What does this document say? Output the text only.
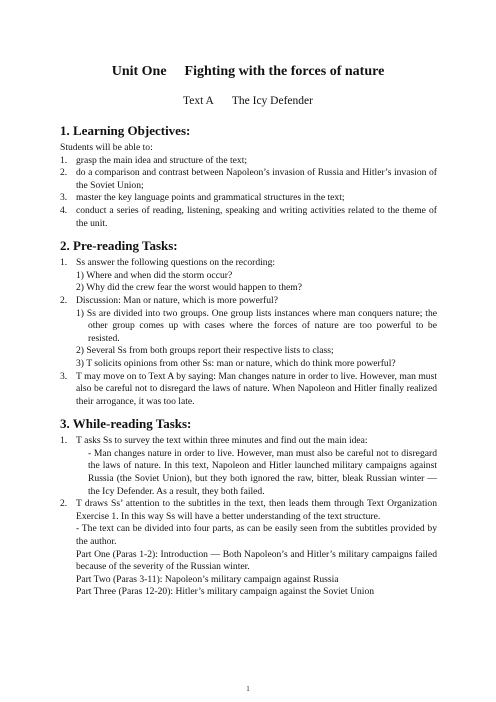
Unit One Fighting with the forces of nature
Text A The Icy Defender
1. Learning Objectives:

Students will be able to:

1. grasp the main idea and structure of the text;
2. do a comparison and contrast between Napoleon’s invasion of Russia and Hitler’s invasion of the Soviet Union;
3. master the key language points and grammatical structures in the text;
4. conduct a series of reading, listening, speaking and writing activities related to the theme of the unit.
2. Pre-reading Tasks:
1. Ss answer the following questions on the recording:

1) Where and when did the storm occur?

2) Why did the crew fear the worst would happen to them?

2. Discussion: Man or nature, which is more powerful?

1) Ss are divided into two groups. One group lists instances where man conquers nature; the other group comes up with cases where the forces of nature are too powerful to be resisted.

2) Several Ss from both groups report their respective lists to class;

3) T solicits opinions from other Ss: man or nature, which do think more powerful?

3. T may move on to Text A by saying: Man changes nature in order to live. However, man must also be careful not to disregard the laws of nature. When Napoleon and Hitler finally realized their arrogance, it was too late.
3. While-reading Tasks:
1. T asks Ss to survey the text within three minutes and find out the main idea:

- Man changes nature in order to live. However, man must also be careful not to disregard the laws of nature. In this text, Napoleon and Hitler launched military campaigns against Russia (the Soviet Union), but they both ignored the raw, bitter, bleak Russian winter — the Icy Defender. As a result, they both failed.

2. T draws Ss’ attention to the subtitles in the text, then leads them through Text Organization Exercise 1. In this way Ss will have a better understanding of the text structure.

- The text can be divided into four parts, as can be easily seen from the subtitles provided by the author.

Part One (Paras 1-2): Introduction — Both Napoleon’s and Hitler’s military campaigns failed because of the severity of the Russian winter.

Part Two (Paras 3-11): Napoleon’s military campaign against Russia

Part Three (Paras 12-20): Hitler’s military campaign against the Soviet Union

1
